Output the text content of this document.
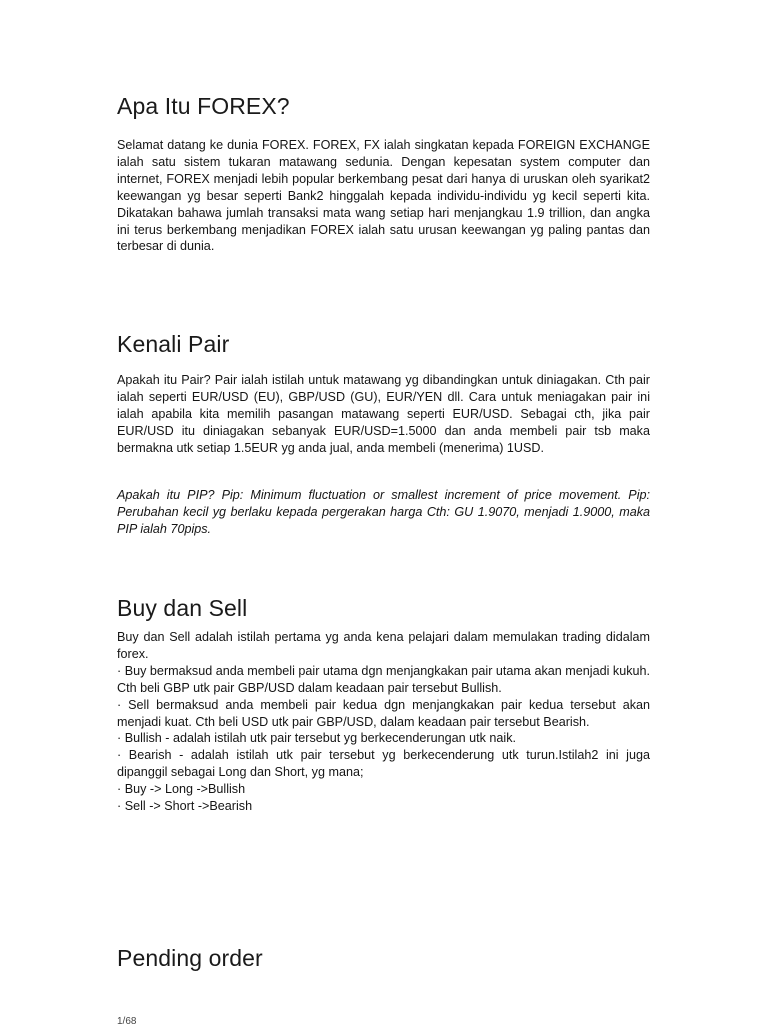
Apa Itu FOREX?

Selamat datang ke dunia FOREX. FOREX, FX ialah singkatan kepada FOREIGN EXCHANGE ialah satu sistem tukaran matawang sedunia. Dengan kepesatan system computer dan internet, FOREX menjadi lebih popular berkembang pesat dari hanya di uruskan oleh syarikat2 keewangan yg besar seperti Bank2 hinggalah kepada individu-individu yg kecil seperti kita. Dikatakan bahawa jumlah transaksi mata wang setiap hari menjangkau 1.9 trillion, dan angka ini terus berkembang menjadikan FOREX ialah satu urusan keewangan yg paling pantas dan terbesar di dunia.

Kenali Pair

Apakah itu Pair? Pair ialah istilah untuk matawang yg dibandingkan untuk diniagakan. Cth pair ialah seperti EUR/USD (EU), GBP/USD (GU), EUR/YEN dll. Cara untuk meniagakan pair ini ialah apabila kita memilih pasangan matawang seperti EUR/USD. Sebagai cth, jika pair EUR/USD itu diniagakan sebanyak EUR/USD=1.5000 dan anda membeli pair tsb maka bermakna utk setiap 1.5EUR yg anda jual, anda membeli (menerima) 1USD.

Apakah itu PIP? Pip: Minimum fluctuation or smallest increment of price movement. Pip: Perubahan kecil yg berlaku kepada pergerakan harga Cth: GU 1.9070, menjadi 1.9000, maka PIP ialah 70pips.

Buy dan Sell
Buy dan Sell adalah istilah pertama yg anda kena pelajari dalam memulakan trading didalam forex.
· Buy bermaksud anda membeli pair utama dgn menjangkakan pair utama akan menjadi kukuh. Cth beli GBP utk pair GBP/USD dalam keadaan pair tersebut Bullish.
· Sell bermaksud anda membeli pair kedua dgn menjangkakan pair kedua tersebut akan menjadi kuat. Cth beli USD utk pair GBP/USD, dalam keadaan pair tersebut Bearish.
· Bullish - adalah istilah utk pair tersebut yg berkecenderungan utk naik.
· Bearish - adalah istilah utk pair tersebut yg berkecenderung utk turun.Istilah2 ini juga dipanggil sebagai Long dan Short, yg mana;
· Buy -> Long ->Bullish
· Sell -> Short ->Bearish
Pending order
1/68
